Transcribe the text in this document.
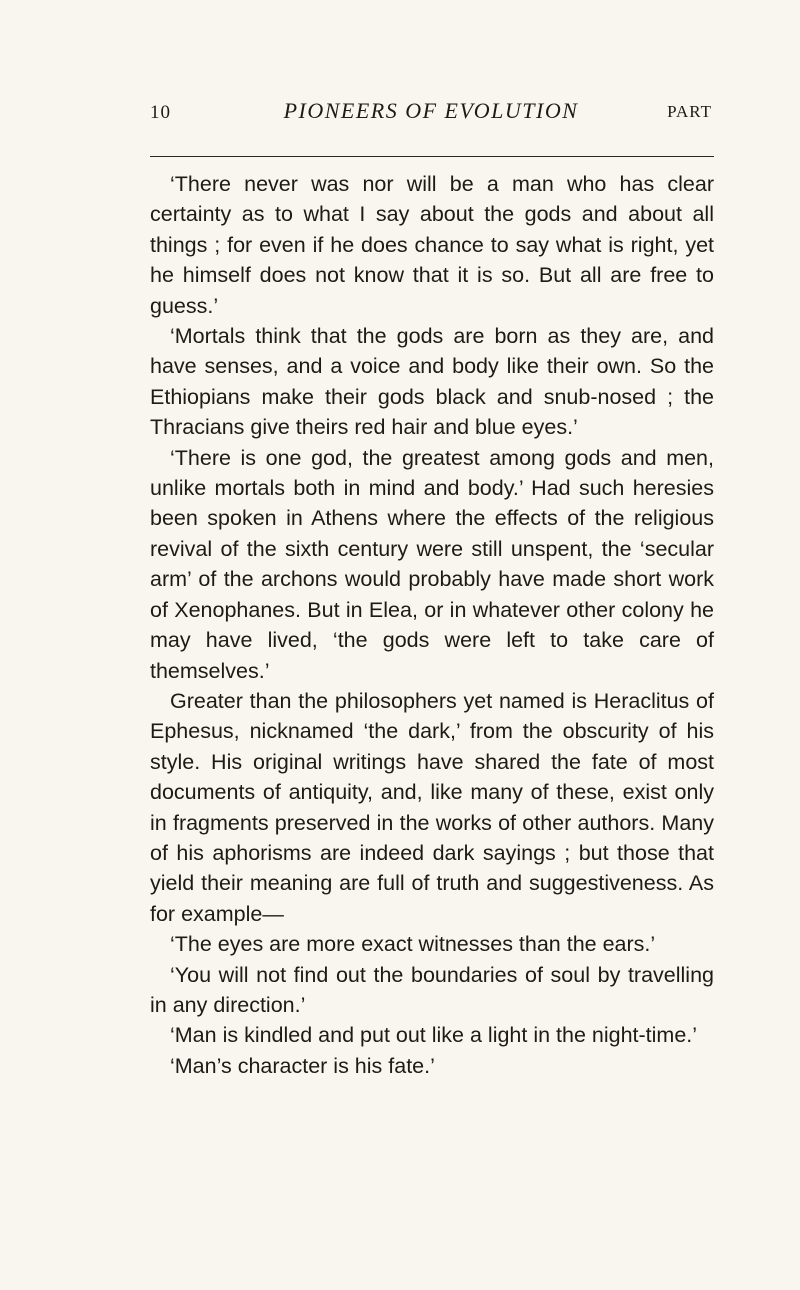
10	PIONEERS OF EVOLUTION	PART

‘There never was nor will be a man who has clear certainty as to what I say about the gods and about all things ; for even if he does chance to say what is right, yet he himself does not know that it is so. But all are free to guess.’

‘Mortals think that the gods are born as they are, and have senses, and a voice and body like their own. So the Ethiopians make their gods black and snub-nosed ; the Thracians give theirs red hair and blue eyes.’

‘There is one god, the greatest among gods and men, unlike mortals both in mind and body.’ Had such heresies been spoken in Athens where the effects of the religious revival of the sixth century were still unspent, the ‘secular arm’ of the archons would probably have made short work of Xenophanes. But in Elea, or in whatever other colony he may have lived, ‘the gods were left to take care of themselves.’

Greater than the philosophers yet named is Heraclitus of Ephesus, nicknamed ‘the dark,’ from the obscurity of his style. His original writings have shared the fate of most documents of antiquity, and, like many of these, exist only in fragments preserved in the works of other authors. Many of his aphorisms are indeed dark sayings ; but those that yield their meaning are full of truth and suggestiveness. As for example—

‘The eyes are more exact witnesses than the ears.’

‘You will not find out the boundaries of soul by travelling in any direction.’

‘Man is kindled and put out like a light in the night-time.’

‘Man’s character is his fate.’
